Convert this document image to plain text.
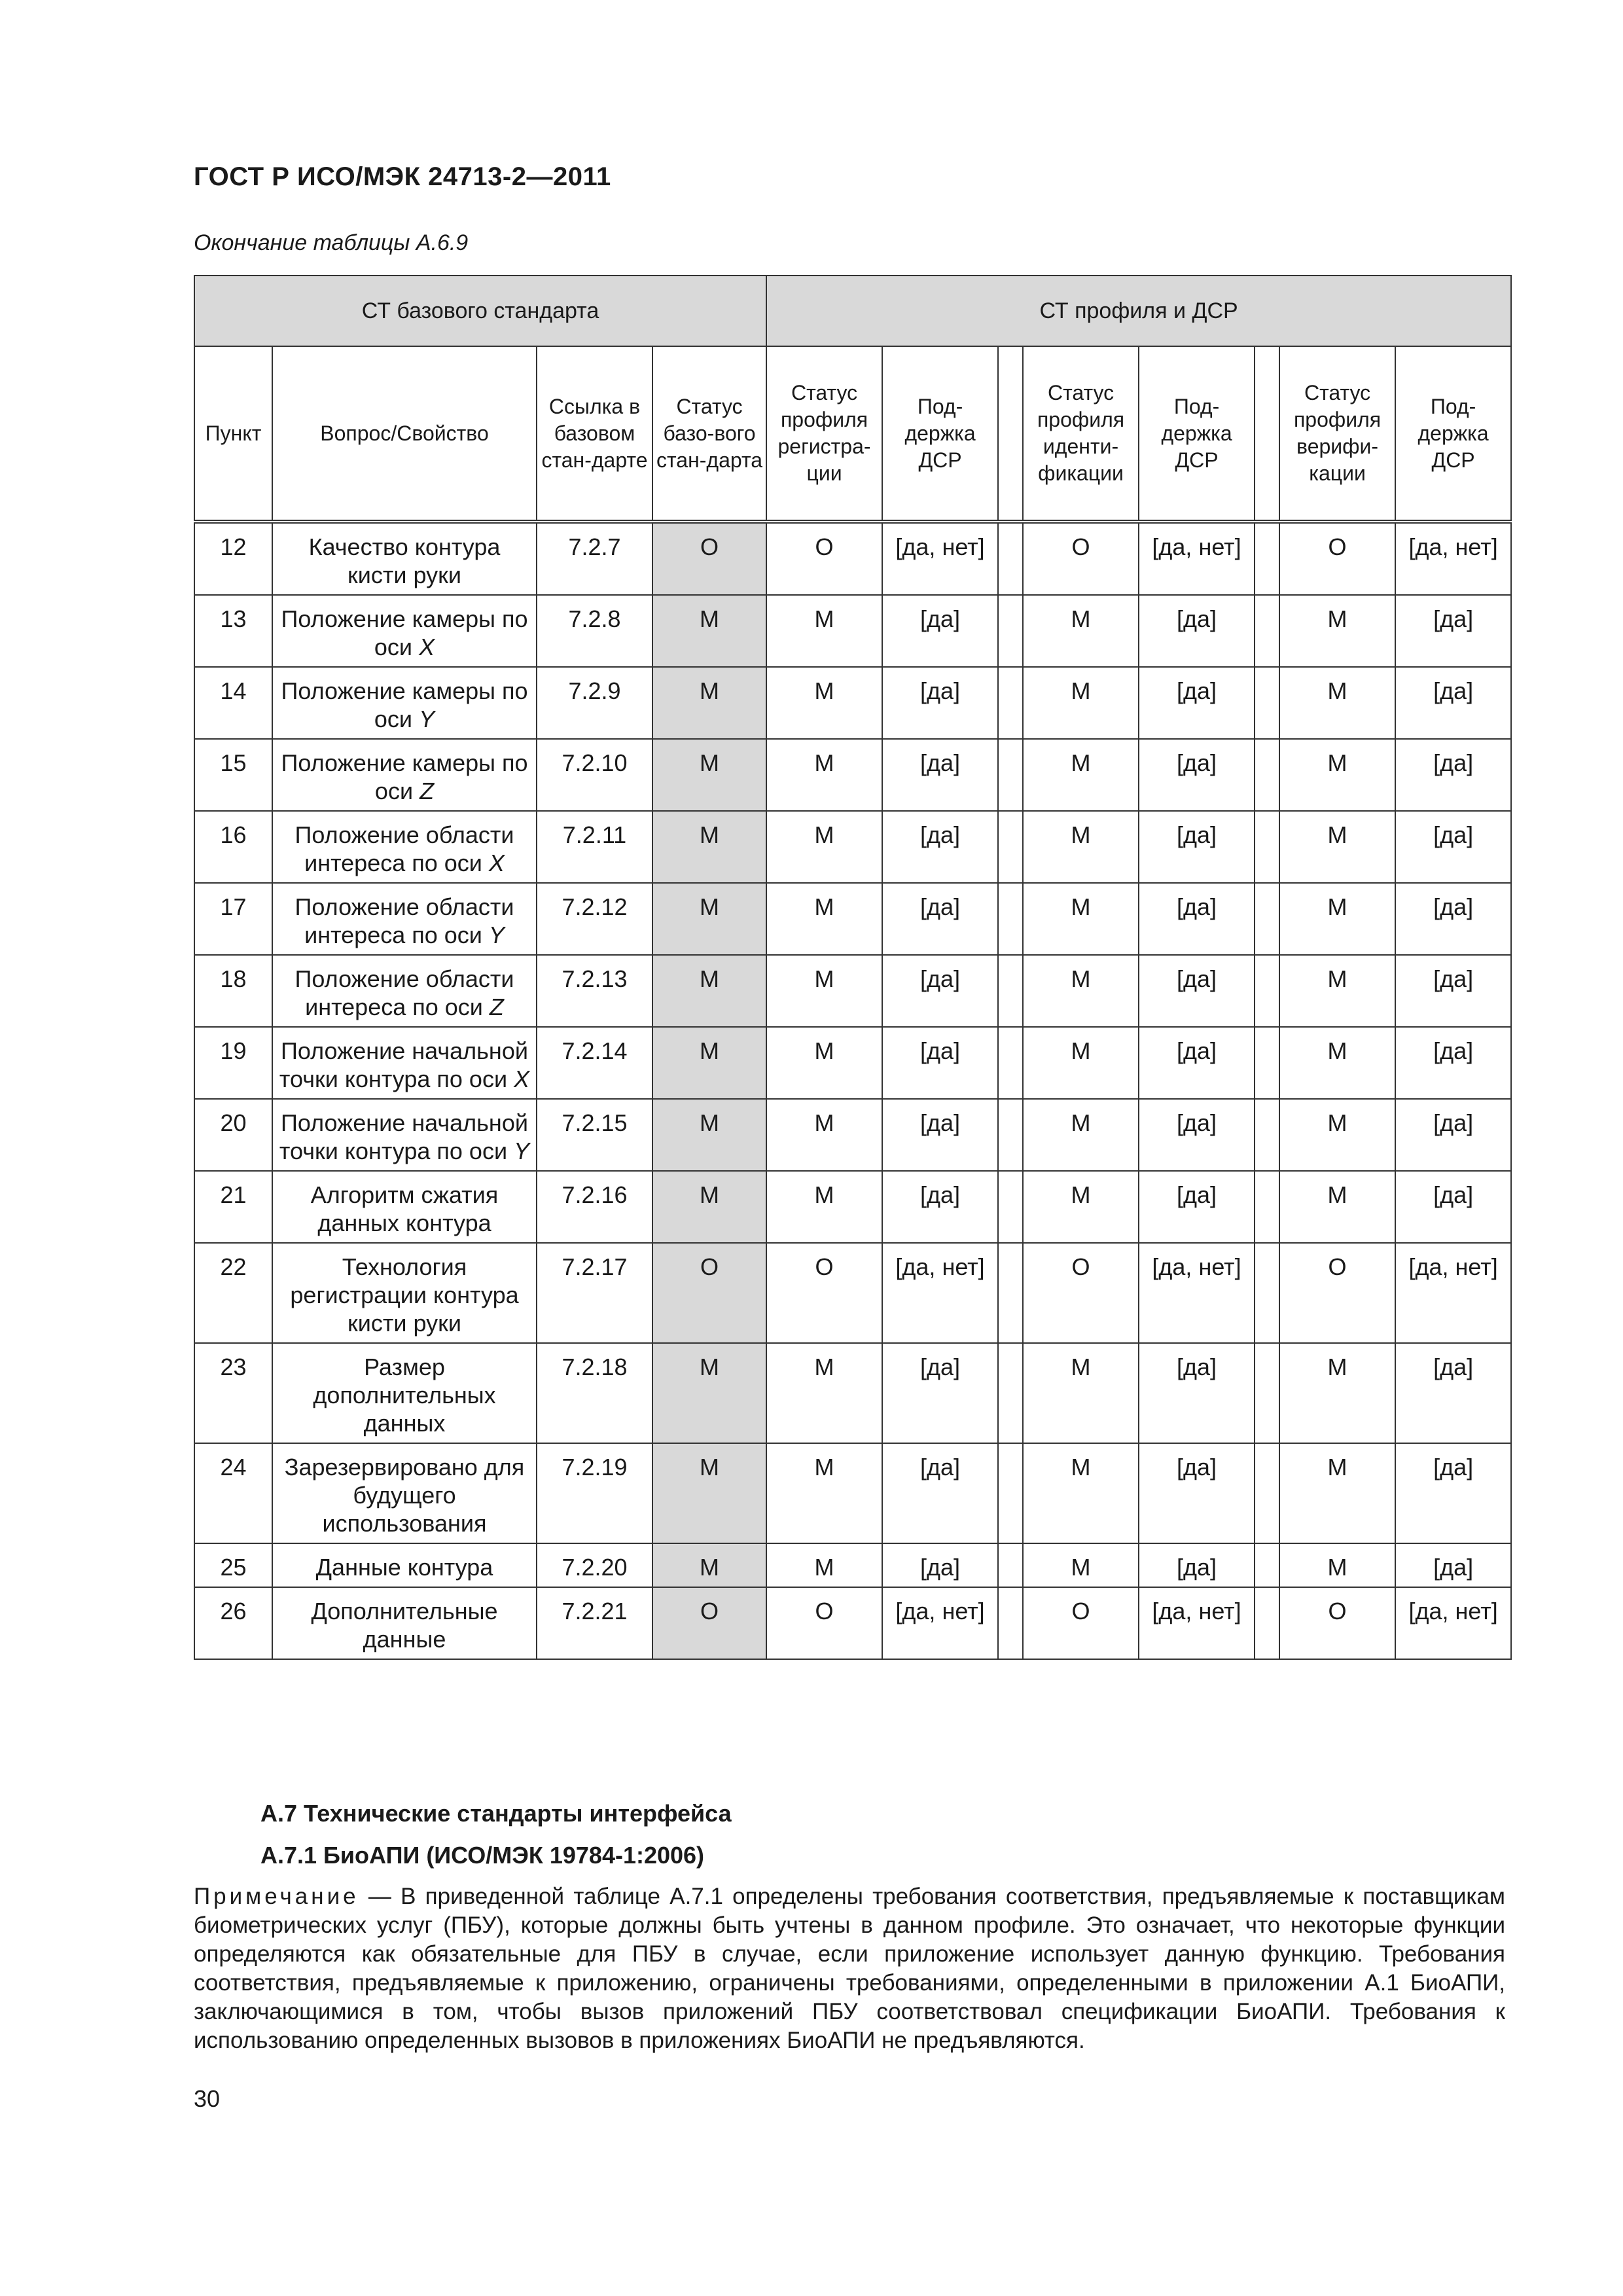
ГОСТ Р ИСО/МЭК 24713-2—2011
Окончание таблицы А.6.9
СТ базового стандарта				СТ профиля и ДСР							
Пункт	Вопрос/Свойство	Ссылка в базовом стан-дарте	Статус базо-вого стан-дарта	Статус профиля регистра-ции	Под-держка ДСР		Статус профиля иденти-фикации	Под-держка ДСР		Статус профиля верифи-кации	Под-держка ДСР
12	Качество контура кисти руки	7.2.7	O	O	[да, нет]		O	[да, нет]		O	[да, нет]
13	Положение камеры по оси X	7.2.8	M	M	[да]		M	[да]		M	[да]
14	Положение камеры по оси Y	7.2.9	M	M	[да]		M	[да]		M	[да]
15	Положение камеры по оси Z	7.2.10	M	M	[да]		M	[да]		M	[да]
16	Положение области интереса по оси X	7.2.11	M	M	[да]		M	[да]		M	[да]
17	Положение области интереса по оси Y	7.2.12	M	M	[да]		M	[да]		M	[да]
18	Положение области интереса по оси Z	7.2.13	M	M	[да]		M	[да]		M	[да]
19	Положение начальной точки контура по оси X	7.2.14	M	M	[да]		M	[да]		M	[да]
20	Положение начальной точки контура по оси Y	7.2.15	M	M	[да]		M	[да]		M	[да]
21	Алгоритм сжатия данных контура	7.2.16	M	M	[да]		M	[да]		M	[да]
22	Технология регистрации контура кисти руки	7.2.17	O	O	[да, нет]		O	[да, нет]		O	[да, нет]
23	Размер дополнительных данных	7.2.18	M	M	[да]		M	[да]		M	[да]
24	Зарезервировано для будущего использования	7.2.19	M	M	[да]		M	[да]		M	[да]
25	Данные контура	7.2.20	M	M	[да]		M	[да]		M	[да]
26	Дополнительные данные	7.2.21	O	O	[да, нет]		O	[да, нет]		O	[да, нет]
А.7 Технические стандарты интерфейса
А.7.1 БиоАПИ (ИСО/МЭК 19784-1:2006)
Примечание — В приведенной таблице А.7.1 определены требования соответствия, предъявляемые к поставщикам биометрических услуг (ПБУ), которые должны быть учтены в данном профиле. Это означает, что некоторые функции определяются как обязательные для ПБУ в случае, если приложение использует данную функцию. Требования соответствия, предъявляемые к приложению, ограничены требованиями, определенными в приложении А.1 БиоАПИ, заключающимися в том, чтобы вызов приложений ПБУ соответствовал спецификации БиоАПИ. Требования к использованию определенных вызовов в приложениях БиоАПИ не предъявляются.
30
